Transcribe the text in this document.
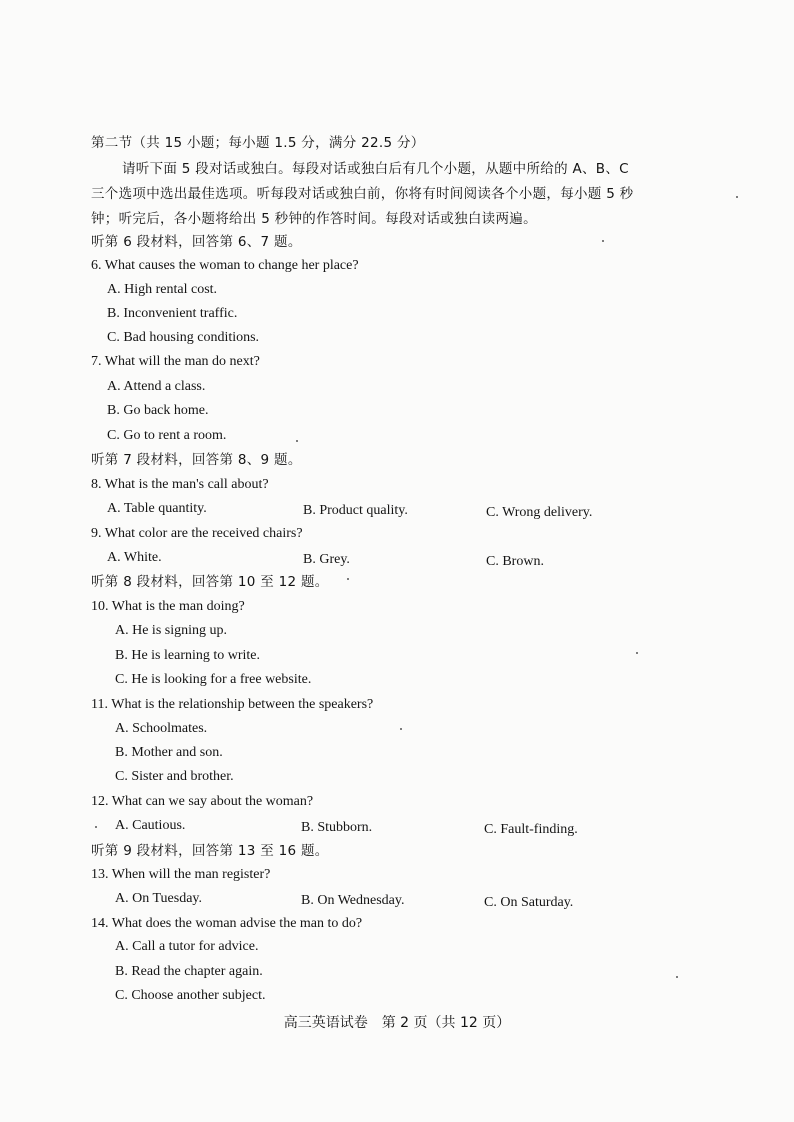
第二节（共 15 小题；每小题 1.5 分，满分 22.5 分）
请听下面 5 段对话或独白。每段对话或独白后有几个小题，从题中所给的 A、B、C
三个选项中选出最佳选项。听每段对话或独白前，你将有时间阅读各个小题，每小题 5 秒
钟；听完后，各小题将给出 5 秒钟的作答时间。每段对话或独白读两遍。
听第 6 段材料，回答第 6、7 题。
6. What causes the woman to change her place?
A. High rental cost.
B. Inconvenient traffic.
C. Bad housing conditions.
7. What will the man do next?
A. Attend a class.
B. Go back home.
C. Go to rent a room.
听第 7 段材料，回答第 8、9 题。
8. What is the man's call about?
A. Table quantity.	B. Product quality.	C. Wrong delivery.
9. What color are the received chairs?
A. White.	B. Grey.	C. Brown.
听第 8 段材料，回答第 10 至 12 题。
10. What is the man doing?
A. He is signing up.
B. He is learning to write.
C. He is looking for a free website.
11. What is the relationship between the speakers?
A. Schoolmates.
B. Mother and son.
C. Sister and brother.
12. What can we say about the woman?
A. Cautious.	B. Stubborn.	C. Fault-finding.
听第 9 段材料，回答第 13 至 16 题。
13. When will the man register?
A. On Tuesday.	B. On Wednesday.	C. On Saturday.
14. What does the woman advise the man to do?
A. Call a tutor for advice.
B. Read the chapter again.
C. Choose another subject.
高三英语试卷　第 2 页（共 12 页）
